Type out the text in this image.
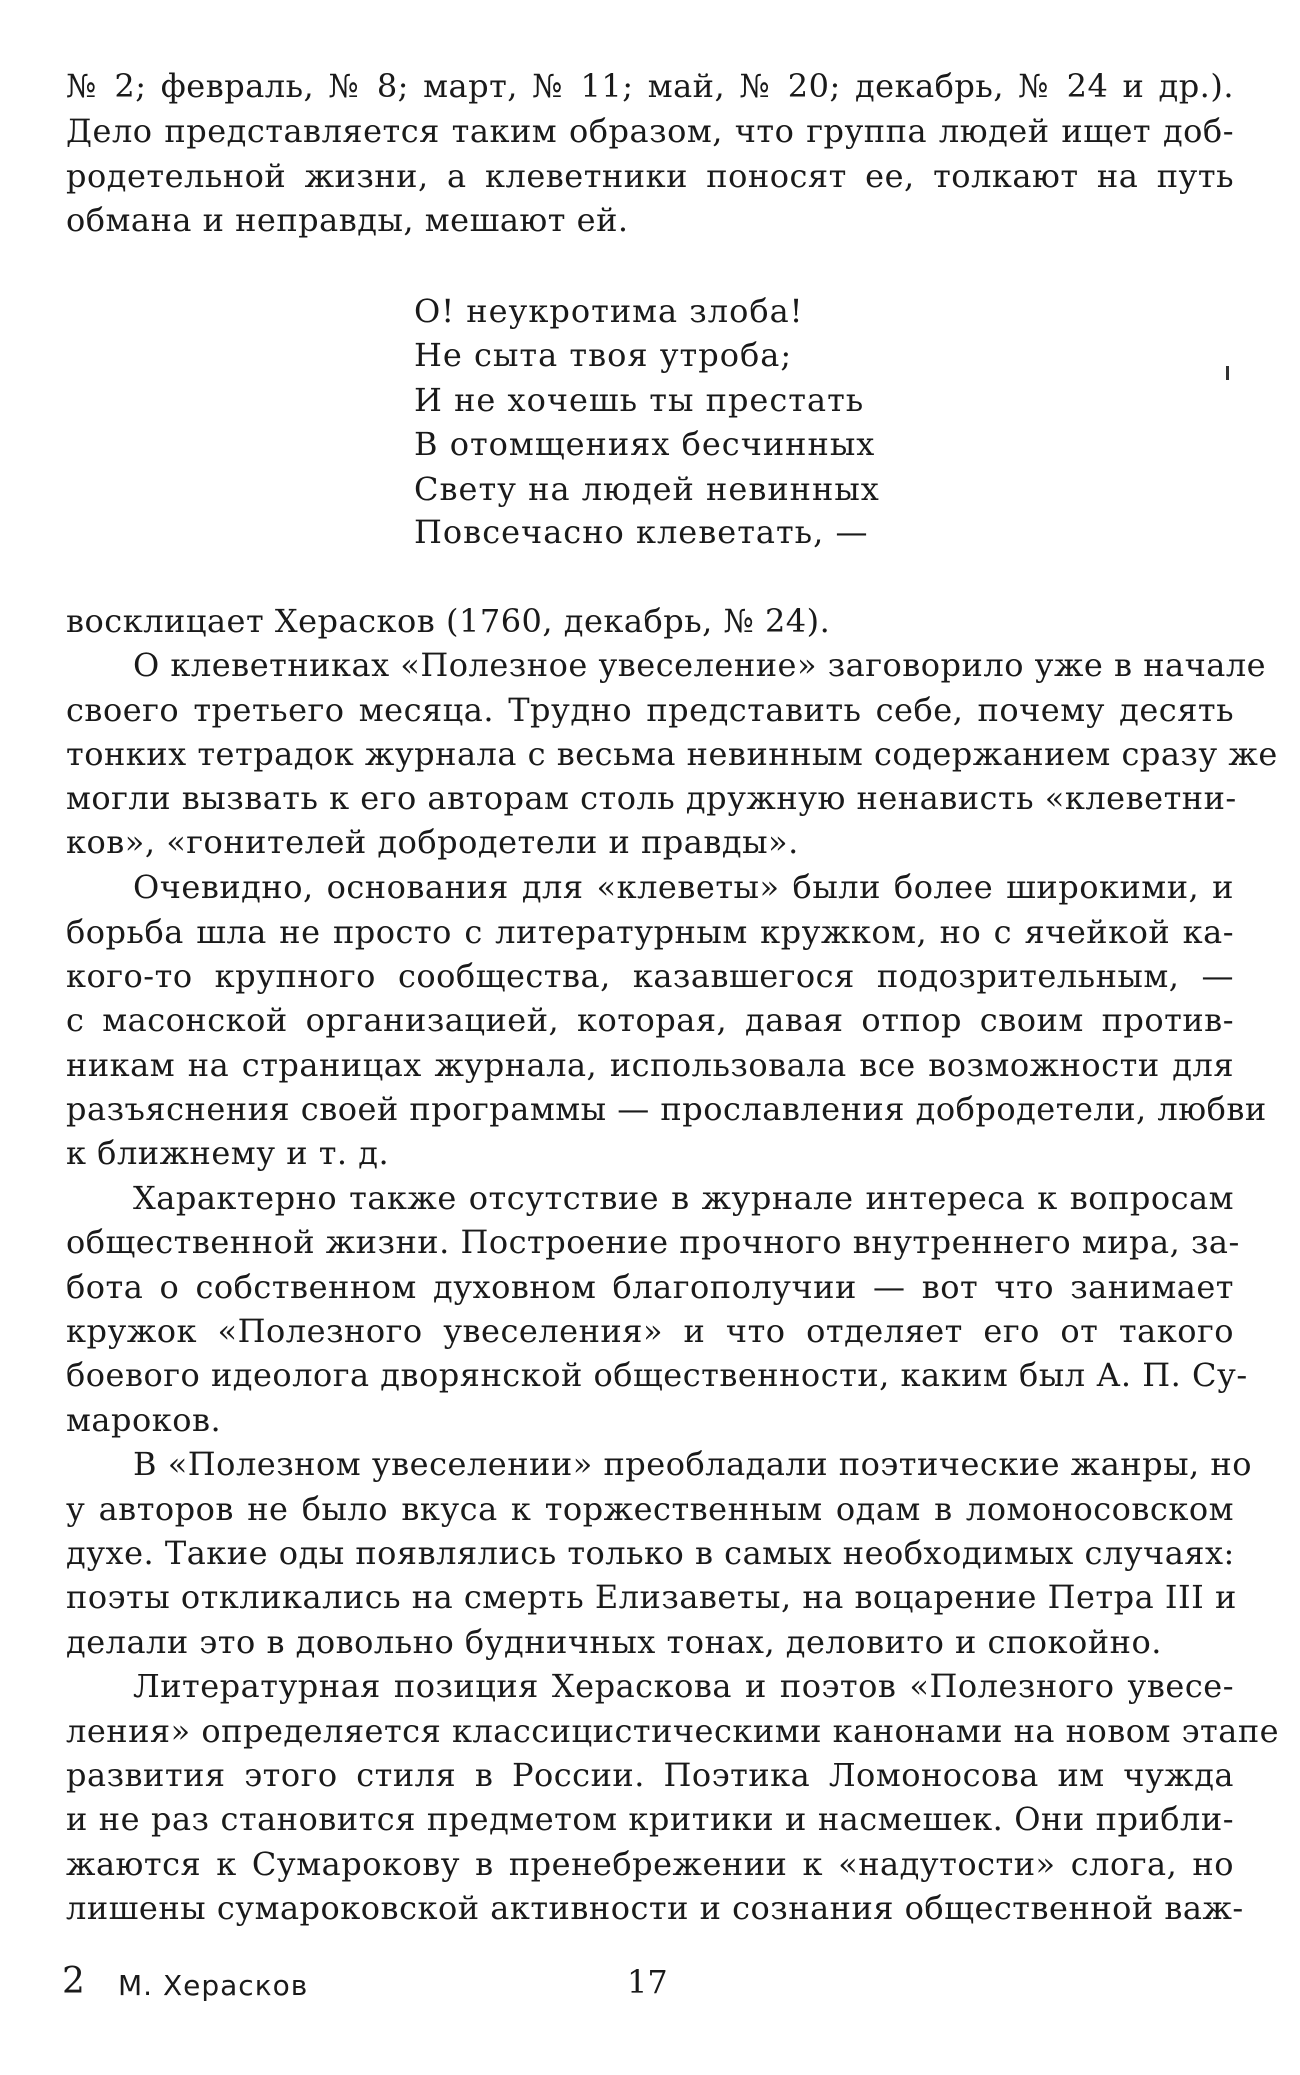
№ 2; февраль, № 8; март, № 11; май, № 20; декабрь, № 24 и др.).
Дело представляется таким образом, что группа людей ищет доб-
родетельной жизни, а клеветники поносят ее, толкают на путь
обмана и неправды, мешают ей.
О! неукротима злоба!
Не сыта твоя утроба;
И не хочешь ты престать
В отомщениях бесчинных
Свету на людей невинных
Повсечасно клеветать, —
восклицает Херасков (1760, декабрь, № 24).
О клеветниках «Полезное увеселение» заговорило уже в начале
своего третьего месяца. Трудно представить себе, почему десять
тонких тетрадок журнала с весьма невинным содержанием сразу же
могли вызвать к его авторам столь дружную ненависть «клеветни-
ков», «гонителей добродетели и правды».
Очевидно, основания для «клеветы» были более широкими, и
борьба шла не просто с литературным кружком, но с ячейкой ка-
кого-то крупного сообщества, казавшегося подозрительным, —
с масонской организацией, которая, давая отпор своим против-
никам на страницах журнала, использовала все возможности для
разъяснения своей программы — прославления добродетели, любви
к ближнему и т. д.
Характерно также отсутствие в журнале интереса к вопросам
общественной жизни. Построение прочного внутреннего мира, за-
бота о собственном духовном благополучии — вот что занимает
кружок «Полезного увеселения» и что отделяет его от такого
боевого идеолога дворянской общественности, каким был А. П. Су-
мароков.
В «Полезном увеселении» преобладали поэтические жанры, но
у авторов не было вкуса к торжественным одам в ломоносовском
духе. Такие оды появлялись только в самых необходимых случаях:
поэты откликались на смерть Елизаветы, на воцарение Петра III и
делали это в довольно будничных тонах, деловито и спокойно.
Литературная позиция Хераскова и поэтов «Полезного увесе-
ления» определяется классицистическими канонами на новом этапе
развития этого стиля в России. Поэтика Ломоносова им чужда
и не раз становится предметом критики и насмешек. Они прибли-
жаются к Сумарокову в пренебрежении к «надутости» слога, но
лишены сумароковской активности и сознания общественной важ-
2 М. Херасков	17
